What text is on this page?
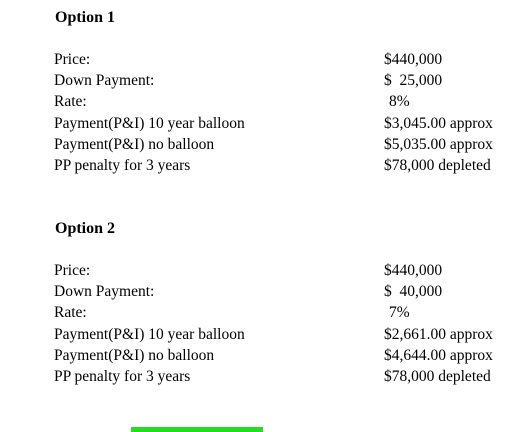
Option 1
Price:	$440,000
Down Payment:	$  25,000
Rate:	8%
Payment(P&I) 10 year balloon	$3,045.00 approx
Payment(P&I) no balloon	$5,035.00 approx
PP penalty for 3 years	$78,000 depleted
Option 2
Price:	$440,000
Down Payment:	$  40,000
Rate:	7%
Payment(P&I) 10 year balloon	$2,661.00 approx
Payment(P&I) no balloon	$4,644.00 approx
PP penalty for 3 years	$78,000 depleted
